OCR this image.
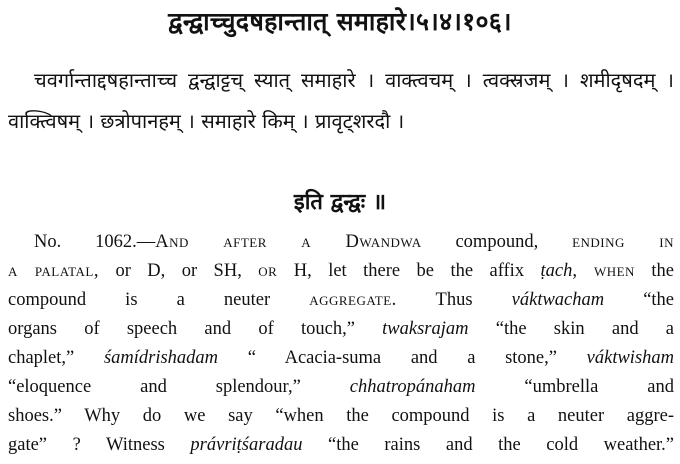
द्वन्द्वाच्चुदषहान्तात् समाहारे।५।४।१०६।
चवर्गान्ताद्दषहान्ताच्च द्वन्द्वाट्टच् स्यात् समाहारे । वाक्त्वचम् । त्वक्स्रजम् । शमीदृषदम् । वाक्त्विषम् । छत्रोपानहम् । समाहारे किम् । प्रावृट्शरदौ ।
इति द्वन्द्वः ॥
No. 1062.—And after a Dwandwa compound, ending in
a palatal, or D, or SH, or H, let there be the affix ṭach, when the
compound is a neuter aggregate. Thus váktwacham “the
organs of speech and of touch,” twaksrajam “the skin and a
chaplet,” śamídrishadam “ Acacia-suma and a stone,” váktwisham
“eloquence and splendour,” chhatropánaham “umbrella and
shoes.” Why do we say “when the compound is a neuter aggre-
gate” ? Witness právriṭśaradau “the rains and the cold weather.”
